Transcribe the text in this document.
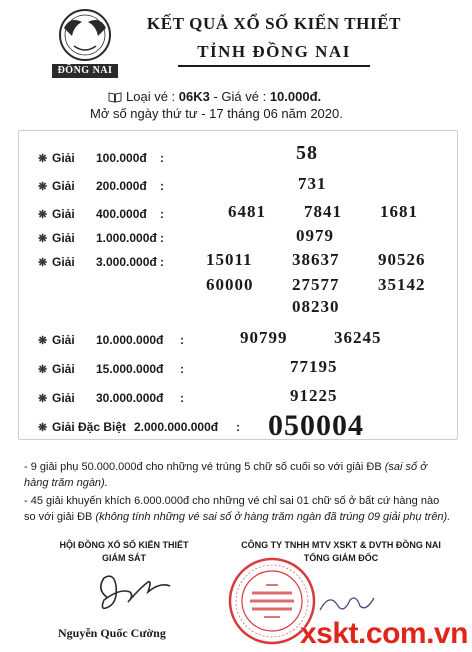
ĐỒNG NAI
KẾT QUẢ XỔ SỐ KIẾN THIẾT
TỈNH ĐỒNG NAI
Loại vé : 06K3 - Giá vé : 10.000đ.
Mở số ngày thứ tư - 17 tháng 06 năm 2020.
❋ Giải 100.000đ :	58
❋ Giải 200.000đ :	731
❋ Giải 400.000đ :	6481 7841 1681
❋ Giải 1.000.000đ :	0979
❋ Giải 3.000.000đ : 15011 38637 90526
60000 27577 35142
08230
❋ Giải 10.000.000đ :	90799	36245
❋ Giải 15.000.000đ :	77195
❋ Giải 30.000.000đ :	91225
❋ Giải Đặc Biệt 2.000.000.000đ : 050004

- 9 giải phụ 50.000.000đ cho những vé trúng 5 chữ số cuối so với giải ĐB (sai số ở hàng trăm ngàn).

- 45 giải khuyến khích 6.000.000đ cho những vé chỉ sai 01 chữ số ở bất cứ hàng nào so với giải ĐB (không tính những vé sai số ở hàng trăm ngàn đã trúng 09 giải phụ trên).

HỘI ĐỒNG XỔ SỐ KIẾN THIẾT
GIÁM SÁT
Nguyễn Quốc Cường
CÔNG TY TNHH MTV XSKT & DVTH ĐỒNG NAI
TỔNG GIÁM ĐỐC
xskt.com.vn
